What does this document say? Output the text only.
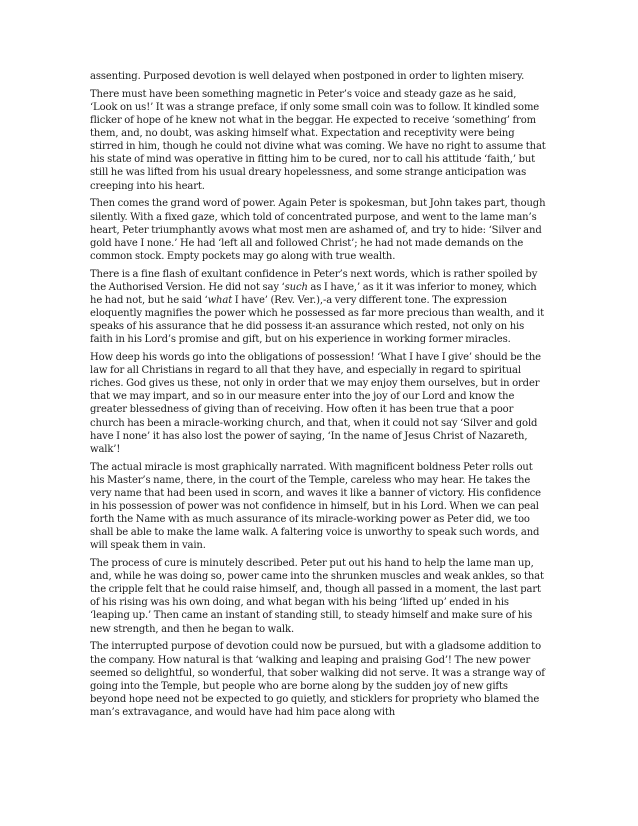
assenting. Purposed devotion is well delayed when postponed in order to lighten misery.

There must have been something magnetic in Peter’s voice and steady gaze as he said, ‘Look on us!’ It was a strange preface, if only some small coin was to follow. It kindled some flicker of hope of he knew not what in the beggar. He expected to receive ‘something’ from them, and, no doubt, was asking himself what. Expectation and receptivity were being stirred in him, though he could not divine what was coming. We have no right to assume that his state of mind was operative in fitting him to be cured, nor to call his attitude ‘faith,’ but still he was lifted from his usual dreary hopelessness, and some strange anticipation was creeping into his heart.

Then comes the grand word of power. Again Peter is spokesman, but John takes part, though silently. With a fixed gaze, which told of concentrated purpose, and went to the lame man’s heart, Peter triumphantly avows what most men are ashamed of, and try to hide: ‘Silver and gold have I none.’ He had ‘left all and followed Christ’; he had not made demands on the common stock. Empty pockets may go along with true wealth.

There is a fine flash of exultant confidence in Peter’s next words, which is rather spoiled by the Authorised Version. He did not say ‘such as I have,’ as it it was inferior to money, which he had not, but he said ‘what I have’ (Rev. Ver.),-a very different tone. The expression eloquently magnifies the power which he possessed as far more precious than wealth, and it speaks of his assurance that he did possess it-an assurance which rested, not only on his faith in his Lord’s promise and gift, but on his experience in working former miracles.

How deep his words go into the obligations of possession! ‘What I have I give’ should be the law for all Christians in regard to all that they have, and especially in regard to spiritual riches. God gives us these, not only in order that we may enjoy them ourselves, but in order that we may impart, and so in our measure enter into the joy of our Lord and know the greater blessedness of giving than of receiving. How often it has been true that a poor church has been a miracle-working church, and that, when it could not say ‘Silver and gold have I none’ it has also lost the power of saying, ‘In the name of Jesus Christ of Nazareth, walk’!

The actual miracle is most graphically narrated. With magnificent boldness Peter rolls out his Master’s name, there, in the court of the Temple, careless who may hear. He takes the very name that had been used in scorn, and waves it like a banner of victory. His confidence in his possession of power was not confidence in himself, but in his Lord. When we can peal forth the Name with as much assurance of its miracle-working power as Peter did, we too shall be able to make the lame walk. A faltering voice is unworthy to speak such words, and will speak them in vain.

The process of cure is minutely described. Peter put out his hand to help the lame man up, and, while he was doing so, power came into the shrunken muscles and weak ankles, so that the cripple felt that he could raise himself, and, though all passed in a moment, the last part of his rising was his own doing, and what began with his being ‘lifted up’ ended in his ‘leaping up.’ Then came an instant of standing still, to steady himself and make sure of his new strength, and then he began to walk.

The interrupted purpose of devotion could now be pursued, but with a gladsome addition to the company. How natural is that ‘walking and leaping and praising God’! The new power seemed so delightful, so wonderful, that sober walking did not serve. It was a strange way of going into the Temple, but people who are borne along by the sudden joy of new gifts beyond hope need not be expected to go quietly, and sticklers for propriety who blamed the man’s extravagance, and would have had him pace along with
